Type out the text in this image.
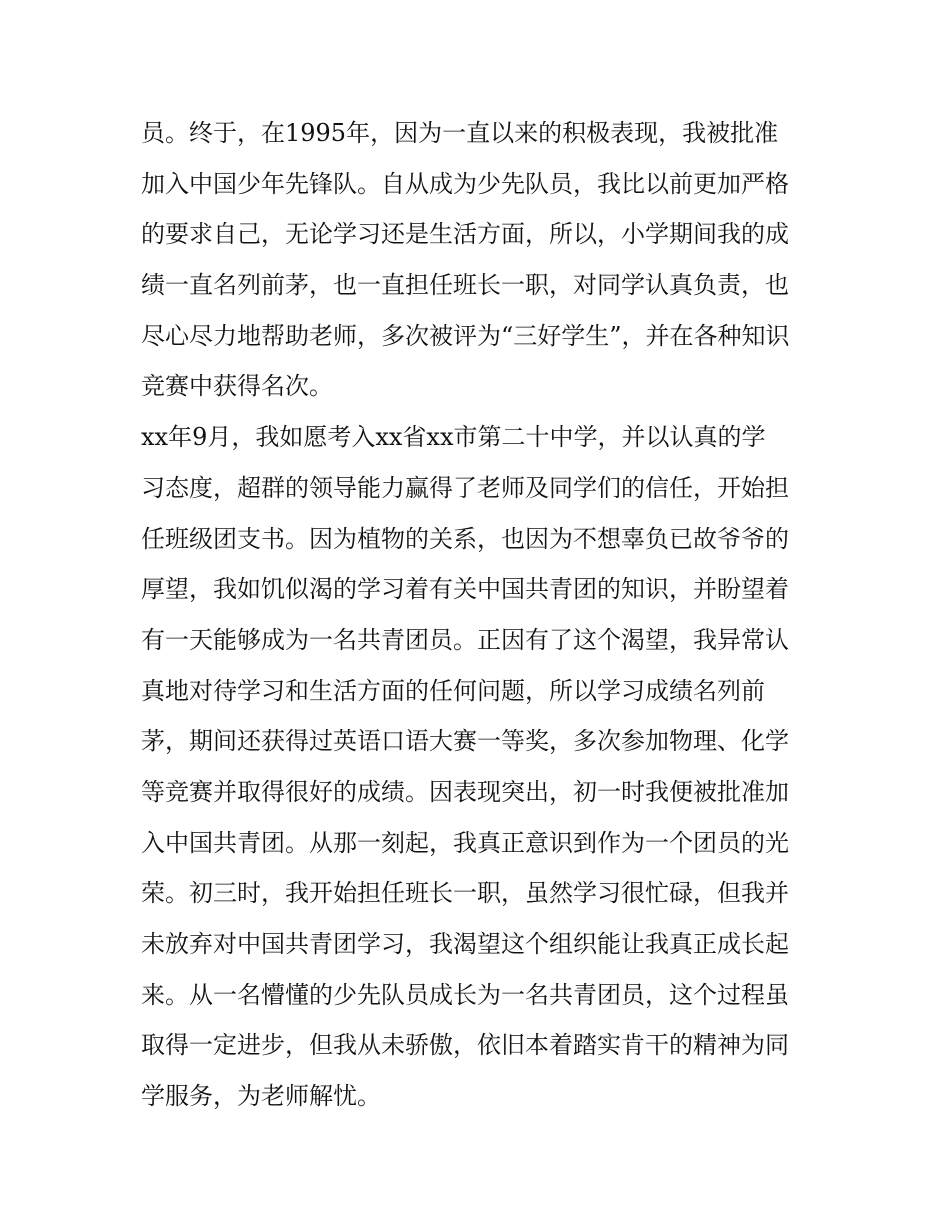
员。终于，在1995年，因为一直以来的积极表现，我被批准
加入中国少年先锋队。自从成为少先队员，我比以前更加严格
的要求自己，无论学习还是生活方面，所以，小学期间我的成
绩一直名列前茅，也一直担任班长一职，对同学认真负责，也
尽心尽力地帮助老师，多次被评为“三好学生”，并在各种知识
竞赛中获得名次。
xx年9月，我如愿考入xx省xx市第二十中学，并以认真的学
习态度，超群的领导能力赢得了老师及同学们的信任，开始担
任班级团支书。因为植物的关系，也因为不想辜负已故爷爷的
厚望，我如饥似渴的学习着有关中国共青团的知识，并盼望着
有一天能够成为一名共青团员。正因有了这个渴望，我异常认
真地对待学习和生活方面的任何问题，所以学习成绩名列前
茅，期间还获得过英语口语大赛一等奖，多次参加物理、化学
等竞赛并取得很好的成绩。因表现突出，初一时我便被批准加
入中国共青团。从那一刻起，我真正意识到作为一个团员的光
荣。初三时，我开始担任班长一职，虽然学习很忙碌，但我并
未放弃对中国共青团学习，我渴望这个组织能让我真正成长起
来。从一名懵懂的少先队员成长为一名共青团员，这个过程虽
取得一定进步，但我从未骄傲，依旧本着踏实肯干的精神为同
学服务，为老师解忧。
